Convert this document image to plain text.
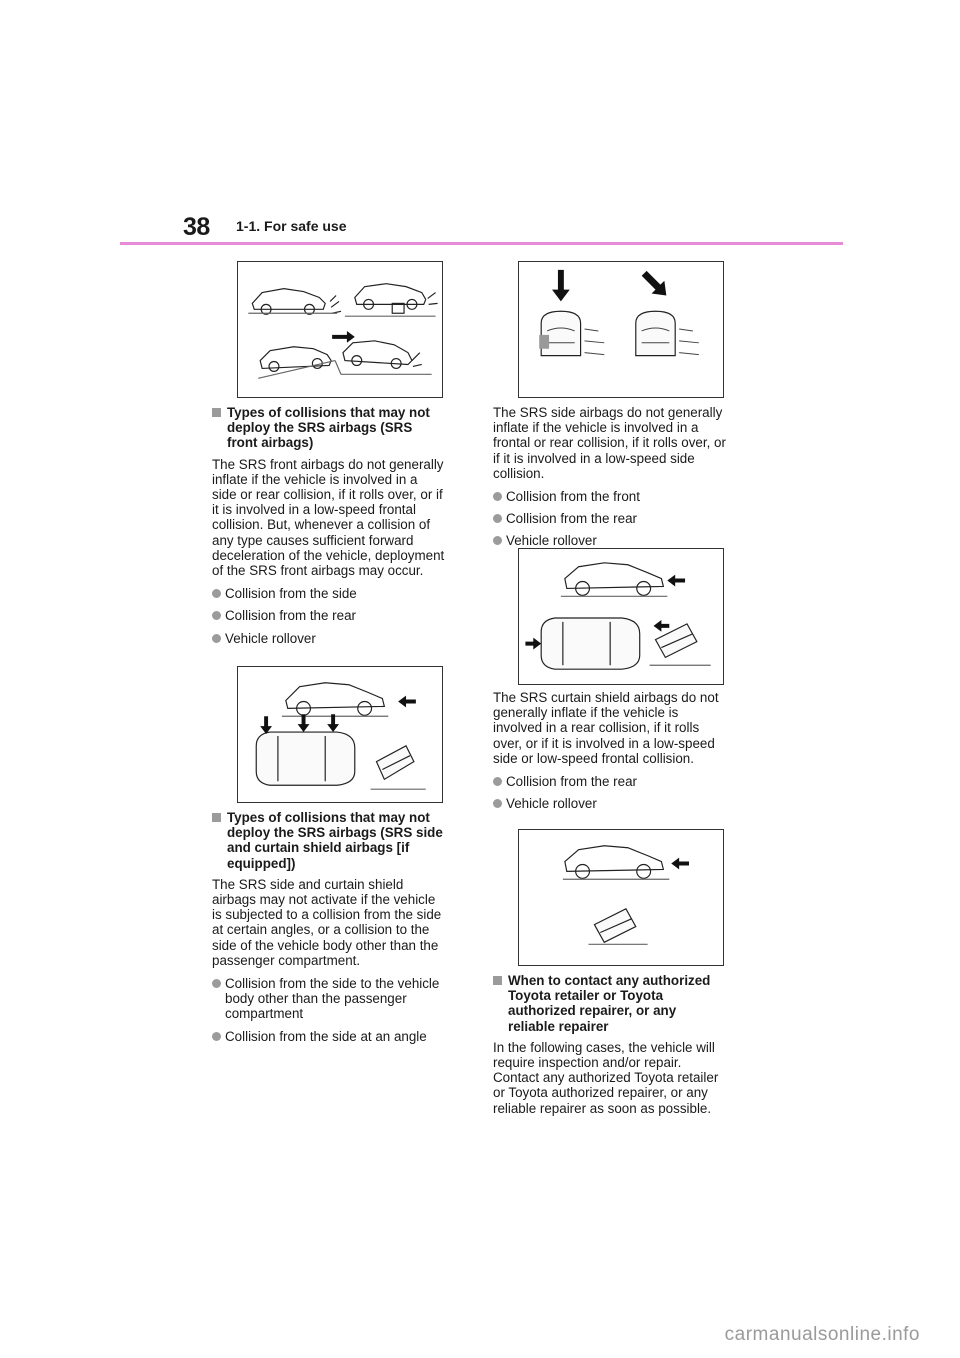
38 1-1. For safe use
Types of collisions that may not deploy the SRS airbags (SRS front airbags)

The SRS front airbags do not generally inflate if the vehicle is involved in a side or rear collision, if it rolls over, or if it is involved in a low-speed frontal collision. But, whenever a collision of any type causes sufficient forward deceleration of the vehicle, deployment of the SRS front airbags may occur.

Collision from the side
Collision from the rear
Vehicle rollover
Types of collisions that may not deploy the SRS airbags (SRS side and curtain shield airbags [if equipped])

The SRS side and curtain shield airbags may not activate if the vehicle is subjected to a collision from the side at certain angles, or a collision to the side of the vehicle body other than the passenger compartment.

Collision from the side to the vehicle body other than the passenger compartment
Collision from the side at an angle

The SRS side airbags do not generally inflate if the vehicle is involved in a frontal or rear collision, if it rolls over, or if it is involved in a low-speed side collision.

Collision from the front
Collision from the rear
Vehicle rollover

The SRS curtain shield airbags do not generally inflate if the vehicle is involved in a rear collision, if it rolls over, or if it is involved in a low-speed side or low-speed frontal collision.

Collision from the rear
Vehicle rollover
When to contact any authorized Toyota retailer or Toyota authorized repairer, or any reliable repairer

In the following cases, the vehicle will require inspection and/or repair. Contact any authorized Toyota retailer or Toyota authorized repairer, or any reliable repairer as soon as possible.

carmanualsonline.info
